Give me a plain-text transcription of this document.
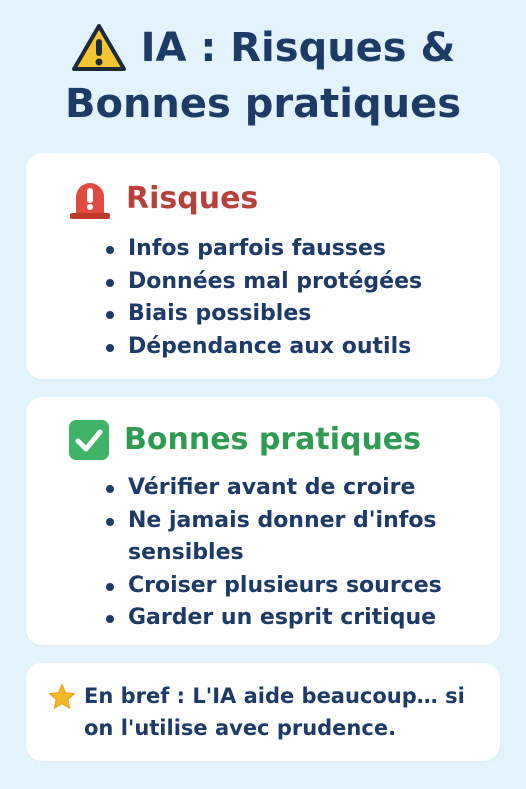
IA : Risques &
Bonnes pratiques
Risques
Infos parfois fausses
Données mal protégées
Biais possibles
Dépendance aux outils
Bonnes pratiques
Vérifier avant de croire
Ne jamais donner d'infos sensibles
Croiser plusieurs sources
Garder un esprit critique
En bref : L'IA aide beaucoup… si on l'utilise avec prudence.
